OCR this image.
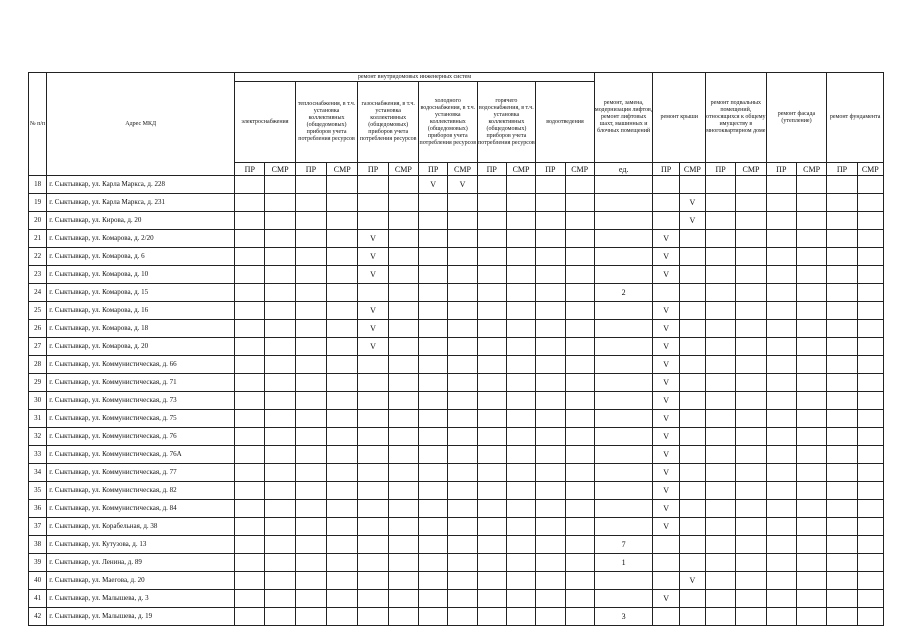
№ п/п	Адрес МКД	ремонт внутридомовых инженерных систем												ремонт, замена, модернизация лифтов, ремонт лифтовых шахт, машинных и блочных помещений	ремонт крыши		ремонт подвальных помещений, относящихся к общему имуществу в многоквартирном доме		ремонт фасада (утепление)		ремонт фундамента	
		электроснабжения		теплоснабжения, в т.ч. установка коллективных (общедомовых) приборов учета потребления ресурсов		газоснабжения, в т.ч. установка коллективных (общедомовых) приборов учета потребления ресурсов		холодного водоснабжения, в т.ч. установка коллективных (общедомовых) приборов учета потребления ресурсов		горячего водоснабжения, в т.ч. установка коллективных (общедомовых) приборов учета потребления ресурсов		водоотведения										
		ПР	СМР	ПР	СМР	ПР	СМР	ПР	СМР	ПР	СМР	ПР	СМР	ед.	ПР	СМР	ПР	СМР	ПР	СМР	ПР	СМР
18	г. Сыктывкар, ул. Карла Маркса, д. 228							V	V													
19	г. Сыктывкар, ул. Карла Маркса, д. 231															V						
20	г. Сыктывкар, ул. Кирова, д. 20															V						
21	г. Сыктывкар, ул. Комарова, д. 2/20					V									V							
22	г. Сыктывкар, ул. Комарова, д. 6					V									V							
23	г. Сыктывкар, ул. Комарова, д. 10					V									V							
24	г. Сыктывкар, ул. Комарова, д. 15													2								
25	г. Сыктывкар, ул. Комарова, д. 16					V									V							
26	г. Сыктывкар, ул. Комарова, д. 18					V									V							
27	г. Сыктывкар, ул. Комарова, д. 20					V									V							
28	г. Сыктывкар, ул. Коммунистическая, д. 66														V							
29	г. Сыктывкар, ул. Коммунистическая, д. 71														V							
30	г. Сыктывкар, ул. Коммунистическая, д. 73														V							
31	г. Сыктывкар, ул. Коммунистическая, д. 75														V							
32	г. Сыктывкар, ул. Коммунистическая, д. 76														V							
33	г. Сыктывкар, ул. Коммунистическая, д. 76А														V							
34	г. Сыктывкар, ул. Коммунистическая, д. 77														V							
35	г. Сыктывкар, ул. Коммунистическая, д. 82														V							
36	г. Сыктывкар, ул. Коммунистическая, д. 84														V							
37	г. Сыктывкар, ул. Корабельная, д. 38														V							
38	г. Сыктывкар, ул. Кутузова, д. 13													7								
39	г. Сыктывкар, ул. Ленина, д. 89													1								
40	г. Сыктывкар, ул. Маегова, д. 20															V						
41	г. Сыктывкар, ул. Малышева, д. 3														V							
42	г. Сыктывкар, ул. Малышева, д. 19													3								
